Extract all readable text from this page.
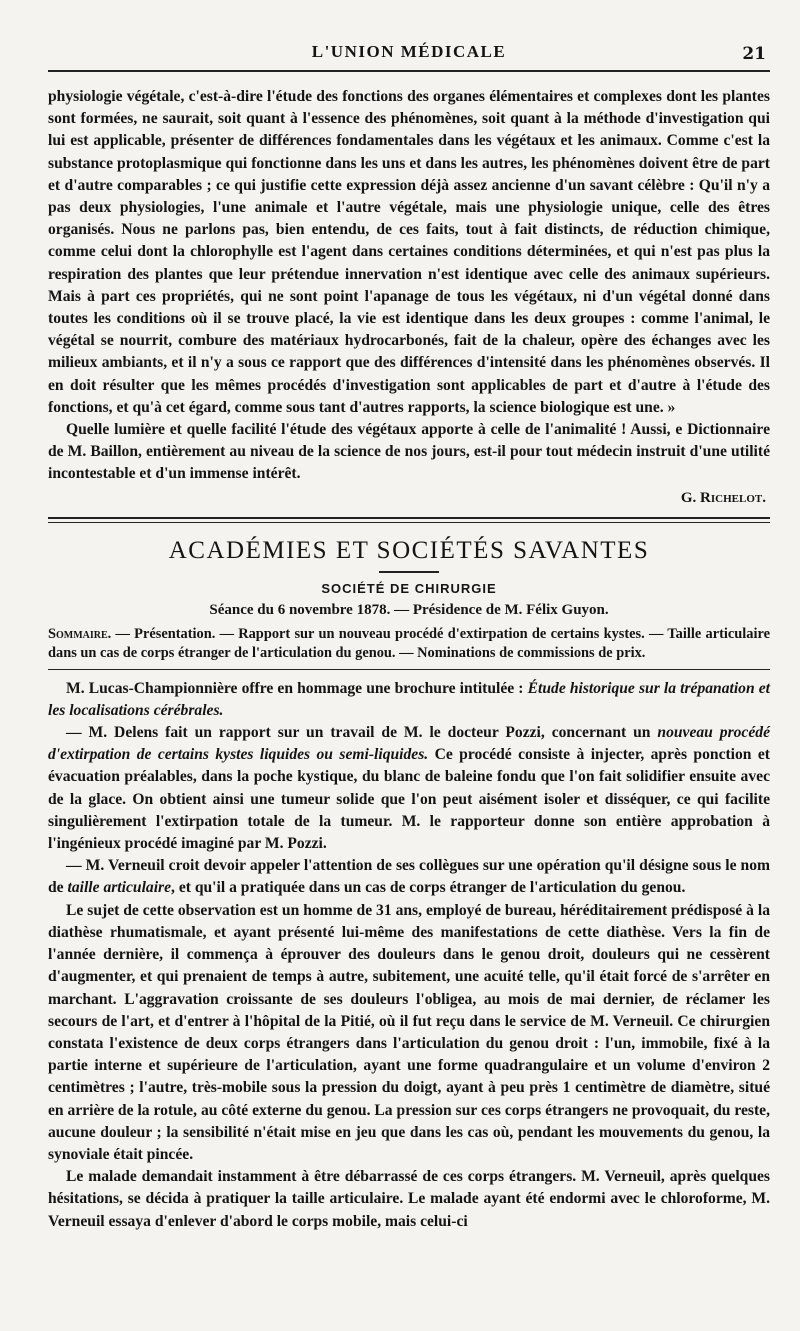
L'UNION MÉDICALE	21

physiologie végétale, c'est-à-dire l'étude des fonctions des organes élémentaires et complexes dont les plantes sont formées, ne saurait, soit quant à l'essence des phénomènes, soit quant à la méthode d'investigation qui lui est applicable, présenter de différences fondamentales dans les végétaux et les animaux. Comme c'est la substance protoplasmique qui fonctionne dans les uns et dans les autres, les phénomènes doivent être de part et d'autre comparables ; ce qui justifie cette expression déjà assez ancienne d'un savant célèbre : Qu'il n'y a pas deux physiologies, l'une animale et l'autre végétale, mais une physiologie unique, celle des êtres organisés. Nous ne parlons pas, bien entendu, de ces faits, tout à fait distincts, de réduction chimique, comme celui dont la chlorophylle est l'agent dans certaines conditions déterminées, et qui n'est pas plus la respiration des plantes que leur prétendue innervation n'est identique avec celle des animaux supérieurs. Mais à part ces propriétés, qui ne sont point l'apanage de tous les végétaux, ni d'un végétal donné dans toutes les conditions où il se trouve placé, la vie est identique dans les deux groupes : comme l'animal, le végétal se nourrit, combure des matériaux hydrocarbonés, fait de la chaleur, opère des échanges avec les milieux ambiants, et il n'y a sous ce rapport que des différences d'intensité dans les phénomènes observés. Il en doit résulter que les mêmes procédés d'investigation sont applicables de part et d'autre à l'étude des fonctions, et qu'à cet égard, comme sous tant d'autres rapports, la science biologique est une. »

Quelle lumière et quelle facilité l'étude des végétaux apporte à celle de l'animalité ! Aussi, e Dictionnaire de M. Baillon, entièrement au niveau de la science de nos jours, est-il pour tout médecin instruit d'une utilité incontestable et d'un immense intérêt.

G. Richelot.
ACADÉMIES ET SOCIÉTÉS SAVANTES
SOCIÉTÉ DE CHIRURGIE
Séance du 6 novembre 1878. — Présidence de M. Félix Guyon.
Sommaire. — Présentation. — Rapport sur un nouveau procédé d'extirpation de certains kystes. — Taille articulaire dans un cas de corps étranger de l'articulation du genou. — Nominations de commissions de prix.

M. Lucas-Championnière offre en hommage une brochure intitulée : Étude historique sur la trépanation et les localisations cérébrales.

— M. Delens fait un rapport sur un travail de M. le docteur Pozzi, concernant un nouveau procédé d'extirpation de certains kystes liquides ou semi-liquides. Ce procédé consiste à injecter, après ponction et évacuation préalables, dans la poche kystique, du blanc de baleine fondu que l'on fait solidifier ensuite avec de la glace. On obtient ainsi une tumeur solide que l'on peut aisément isoler et disséquer, ce qui facilite singulièrement l'extirpation totale de la tumeur. M. le rapporteur donne son entière approbation à l'ingénieux procédé imaginé par M. Pozzi.

— M. Verneuil croit devoir appeler l'attention de ses collègues sur une opération qu'il désigne sous le nom de taille articulaire, et qu'il a pratiquée dans un cas de corps étranger de l'articulation du genou.

Le sujet de cette observation est un homme de 31 ans, employé de bureau, héréditairement prédisposé à la diathèse rhumatismale, et ayant présenté lui-même des manifestations de cette diathèse. Vers la fin de l'année dernière, il commença à éprouver des douleurs dans le genou droit, douleurs qui ne cessèrent d'augmenter, et qui prenaient de temps à autre, subitement, une acuité telle, qu'il était forcé de s'arrêter en marchant. L'aggravation croissante de ses douleurs l'obligea, au mois de mai dernier, de réclamer les secours de l'art, et d'entrer à l'hôpital de la Pitié, où il fut reçu dans le service de M. Verneuil. Ce chirurgien constata l'existence de deux corps étrangers dans l'articulation du genou droit : l'un, immobile, fixé à la partie interne et supérieure de l'articulation, ayant une forme quadrangulaire et un volume d'environ 2 centimètres ; l'autre, très-mobile sous la pression du doigt, ayant à peu près 1 centimètre de diamètre, situé en arrière de la rotule, au côté externe du genou. La pression sur ces corps étrangers ne provoquait, du reste, aucune douleur ; la sensibilité n'était mise en jeu que dans les cas où, pendant les mouvements du genou, la synoviale était pincée.

Le malade demandait instamment à être débarrassé de ces corps étrangers. M. Verneuil, après quelques hésitations, se décida à pratiquer la taille articulaire. Le malade ayant été endormi avec le chloroforme, M. Verneuil essaya d'enlever d'abord le corps mobile, mais celui-ci
